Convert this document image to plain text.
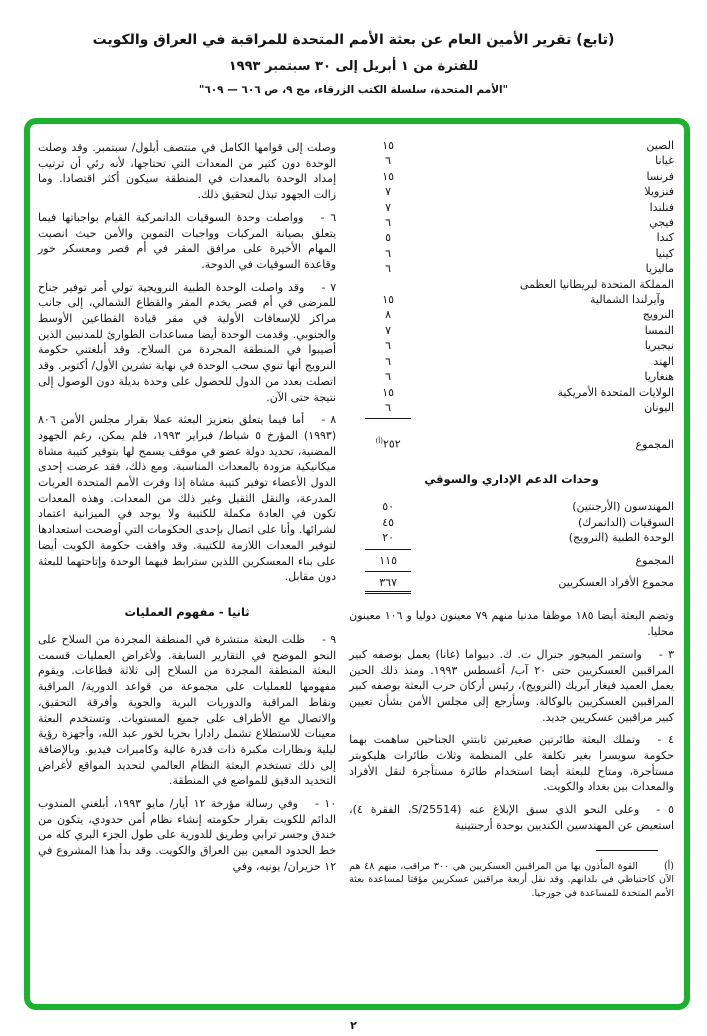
(تابع) تقرير الأمين العام عن بعثة الأمم المتحدة للمراقبة في العراق والكويت
للفترة من ١ أبريل إلى ٣٠ سبتمبر ١٩٩٣
"الأمم المتحدة، سلسلة الكتب الزرقاء، مج ٩، ص ٦٠٦ — ٦٠٩"
الصين
١٥
غيانا
٦
فرنسا
١٥
فنزويلا
٧
فنلندا
٧
فيجي
٦
كندا
٥
كينيا
٦
ماليزيا
٦
المملكة المتحدة لبريطانيا العظمى
وآيرلندا الشمالية
١٥
النرويج
٨
النمسا
٧
نيجيريا
٦
الهند
٦
هنغاريا
٦
الولايات المتحدة الأمريكية
١٥
اليونان
٦
المجموع
$٢٥٢^{(أ)}$
وحدات الدعم الإداري والسوقي
المهندسون (الأرجنتين)
٥٠
السوقيات (الدانمرك)
٤٥
الوحدة الطبية (النرويج)
٢٠
المجموع
١١٥
مجموع الأفراد العسكريين
٣٦٧

وتضم البعثة أيضا ١٨٥ موظفا مدنيا منهم ٧٩ معينون دوليا و ١٠٦ معينون محليا.

٣ -واستمر الميجور جنرال ت. ك. دبيواما (غانا) يعمل بوصفه كبير المراقبين العسكريين حتى ٢٠ آب/ أغسطس ١٩٩٣. ومنذ ذلك الحين يعمل العميد فيغار آبريك (النرويج)، رئيس أركان حرب البعثة بوصفه كبير المراقبين العسكريين بالوكالة. وسأرجع إلى مجلس الأمن بشأن تعيين كبير مراقبين عسكريين جديد.

٤ -وتملك البعثة طائرتين صغيرتين ثابتتي الجناحين ساهمت بهما حكومة سويسرا بغير تكلفة على المنظمة وثلاث طائرات هليكوبتر مستأجرة، ومتاح للبعثة أيضا استخدام طائرة مستأجرة لنقل الأفراد والمعدات بين بغداد والكويت.

٥ -وعلى النحو الذي سبق الإبلاغ عنه (S/25514، الفقرة ٤)، استعيض عن المهندسين الكنديين بوحدة أرجنتينية

(أ)القوة المأذون بها من المراقبين العسكريين هي ٣٠٠ مراقب، منهم ٤٨ هم الآن كاحتياطي في بلدانهم. وقد نقل أربعة مراقبين عسكريين مؤقتا لمساعدة بعثة الأمم المتحدة للمساعدة في جورجيا.

وصلت إلى قوامها الكامل في منتصف أيلول/ سبتمبر. وقد وصلت الوحدة دون كثير من المعدات التي تحتاجها، لأنه رئي أن ترتيب إمداد الوحدة بالمعدات في المنطقة سيكون أكثر اقتصادا. وما زالت الجهود تبذل لتحقيق ذلك.

٦ -وواصلت وحدة السوقيات الدانمركية القيام بواجباتها فيما يتعلق بصيانة المركبات وواجبات التموين والأمن حيث انصبت المهام الأخيرة على مرافق المقر في أم قصر ومعسكر خور وقاعدة السوقيات في الدوحة.

٧ -وقد واصلت الوحدة الطبية النرويجية تولي أمر توفير جناح للمرضى في أم قصر يخدم المقر والقطاع الشمالي، إلى جانب مراكز للإسعافات الأولية في مقر قيادة القطاعين الأوسط والجنوبي. وقدمت الوحدة أيضا مساعدات الطوارئ للمدنيين الذين أصيبوا في المنطقة المجردة من السلاح. وقد أبلغتني حكومة النرويج أنها تنوي سحب الوحدة في نهاية تشرين الأول/ أكتوبر. وقد اتصلت بعدد من الدول للحصول على وحدة بديلة دون الوصول إلى نتيجة حتى الآن.

٨ -أما فيما يتعلق بتعزيز البعثة عملا بقرار مجلس الأمن ٨٠٦ (١٩٩٣) المؤرخ ٥ شباط/ فبراير ١٩٩٣، فلم يمكن، رغم الجهود المضنية، تحديد دولة عضو في موقف يسمح لها بتوفير كتيبة مشاة ميكانيكية مزودة بالمعدات المناسبة. ومع ذلك، فقد عرضت إحدى الدول الأعضاء توفير كتيبة مشاة إذا وفرت الأمم المتحدة العربات المدرعة، والنقل الثقيل وغير ذلك من المعدات. وهذه المعدات تكون في العادة مكملة للكتيبة ولا يوجد في الميزانية اعتماد لشرائها. وأنا على اتصال بإحدى الحكومات التي أوضحت استعدادها لتوفير المعدات اللازمة للكتيبة. وقد وافقت حكومة الكويت أيضا على بناء المعسكرين اللذين سترابط فيهما الوحدة وإتاحتهما للبعثة دون مقابل.

ثانيا - مفهوم العمليات

٩ -ظلت البعثة منتشرة في المنطقة المجردة من السلاح على النحو الموضح في التقارير السابقة. ولأغراض العمليات قسمت البعثة المنطقة المجردة من السلاح إلى ثلاثة قطاعات. ويقوم مفهومها للعمليات على مجموعة من قواعد الدورية/ المراقبة ونقاط المراقبة والدوريات البرية والجوية وأفرقة التحقيق، والاتصال مع الأطراف على جميع المستويات. وتستخدم البعثة معينات للاستطلاع تشمل رادارا بحريا لخور عبد الله، وأجهزة رؤية ليلية ونظارات مكبرة ذات قدرة عالية وكاميرات فيديو. وبالإضافة إلى ذلك تستخدم البعثة النظام العالمي لتحديد المواقع لأغراض التحديد الدقيق للمواضع في المنطقة.

١٠ -وفي رسالة مؤرخة ١٢ أيار/ مايو ١٩٩٣، أبلغني المندوب الدائم للكويت بقرار حكومته إنشاء نظام أمن حدودي، يتكون من خندق وجسر ترابي وطريق للدورية على طول الجزء البري كله من خط الحدود المعين بين العراق والكويت. وقد بدأ هذا المشروع في ١٢ حزيران/ يونيه، وفي

٢
